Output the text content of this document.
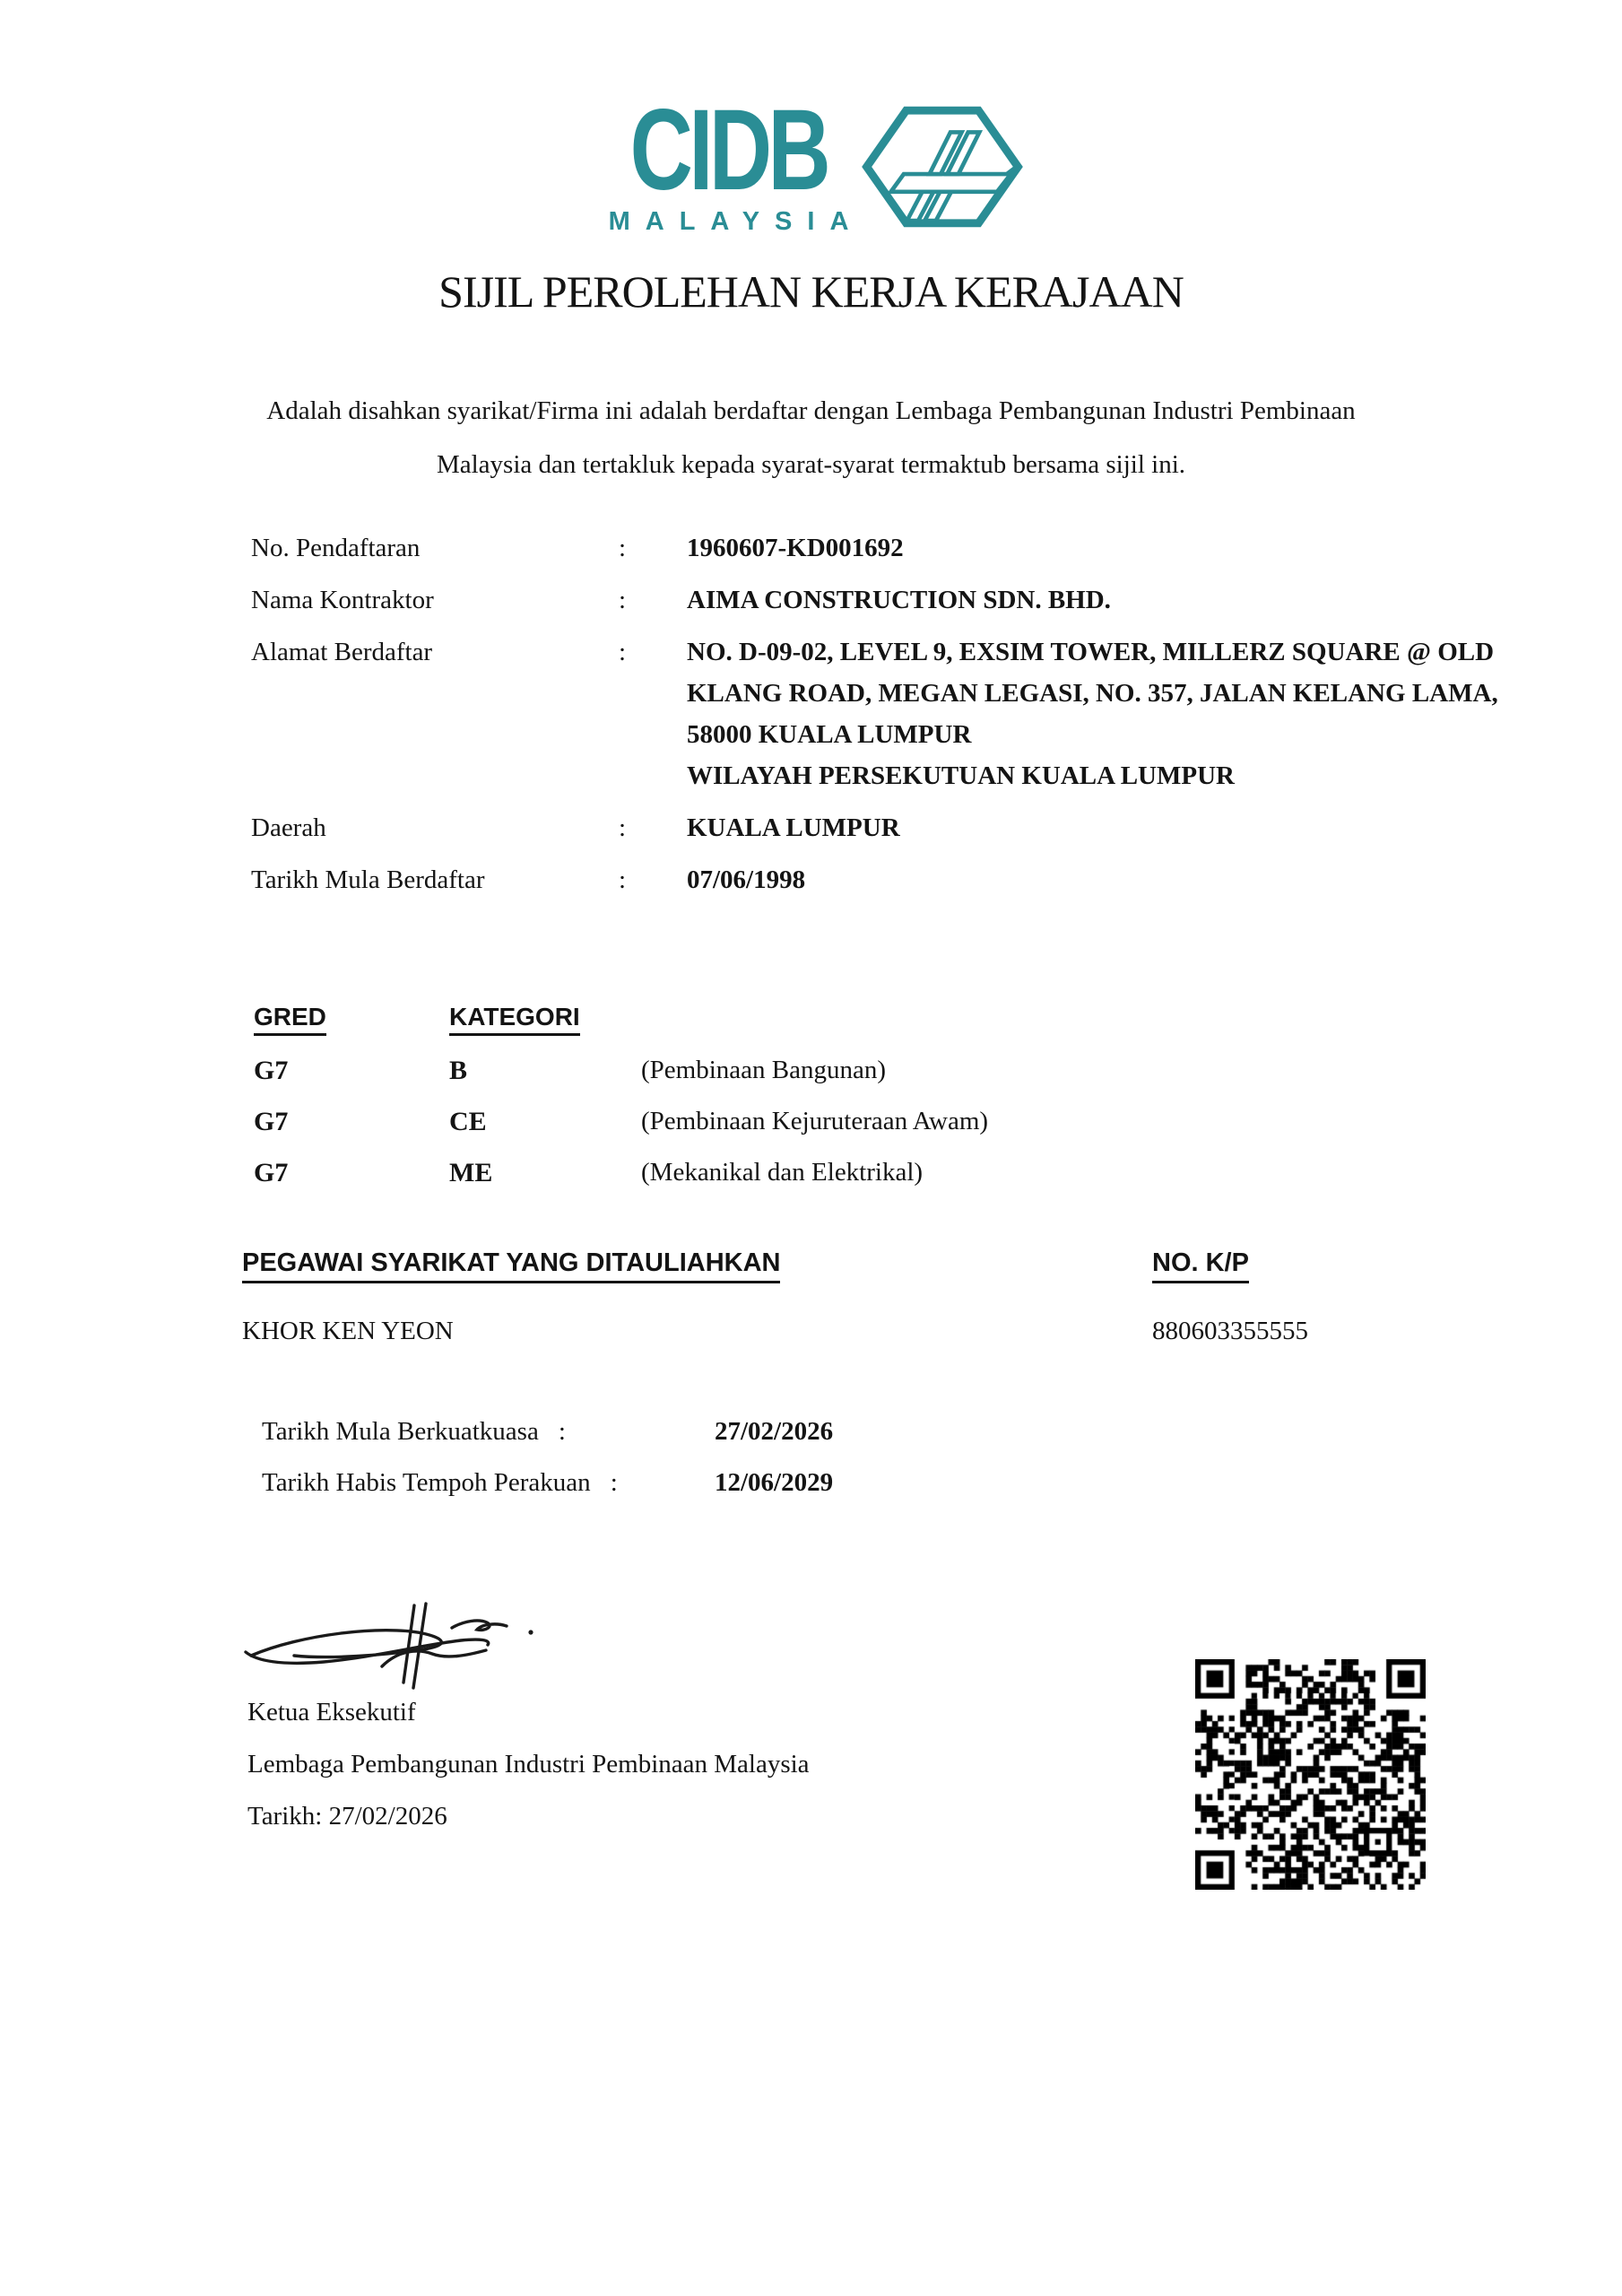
CIDB
MALAYSIA
SIJIL PEROLEHAN KERJA KERAJAAN
Adalah disahkan syarikat/Firma ini adalah berdaftar dengan Lembaga Pembangunan Industri Pembinaan
Malaysia dan tertakluk kepada syarat-syarat termaktub bersama sijil ini.
No. Pendaftaran	:	1960607-KD001692
Nama Kontraktor	:	AIMA CONSTRUCTION SDN. BHD.
Alamat Berdaftar	:	NO. D-09-02, LEVEL 9, EXSIM TOWER, MILLERZ SQUARE @ OLD
KLANG ROAD, MEGAN LEGASI, NO. 357, JALAN KELANG LAMA,
58000 KUALA LUMPUR
WILAYAH PERSEKUTUAN KUALA LUMPUR
Daerah	:	KUALA LUMPUR
Tarikh Mula Berdaftar	:	07/06/1998
GRED	KATEGORI
G7	B	(Pembinaan Bangunan)
G7	CE	(Pembinaan Kejuruteraan Awam)
G7	ME	(Mekanikal dan Elektrikal)
PEGAWAI SYARIKAT YANG DITAULIAHKAN	NO. K/P
KHOR KEN YEON	880603355555
Tarikh Mula Berkuatkuasa :	27/02/2026
Tarikh Habis Tempoh Perakuan :	12/06/2029
Ketua Eksekutif
Lembaga Pembangunan Industri Pembinaan Malaysia
Tarikh: 27/02/2026
